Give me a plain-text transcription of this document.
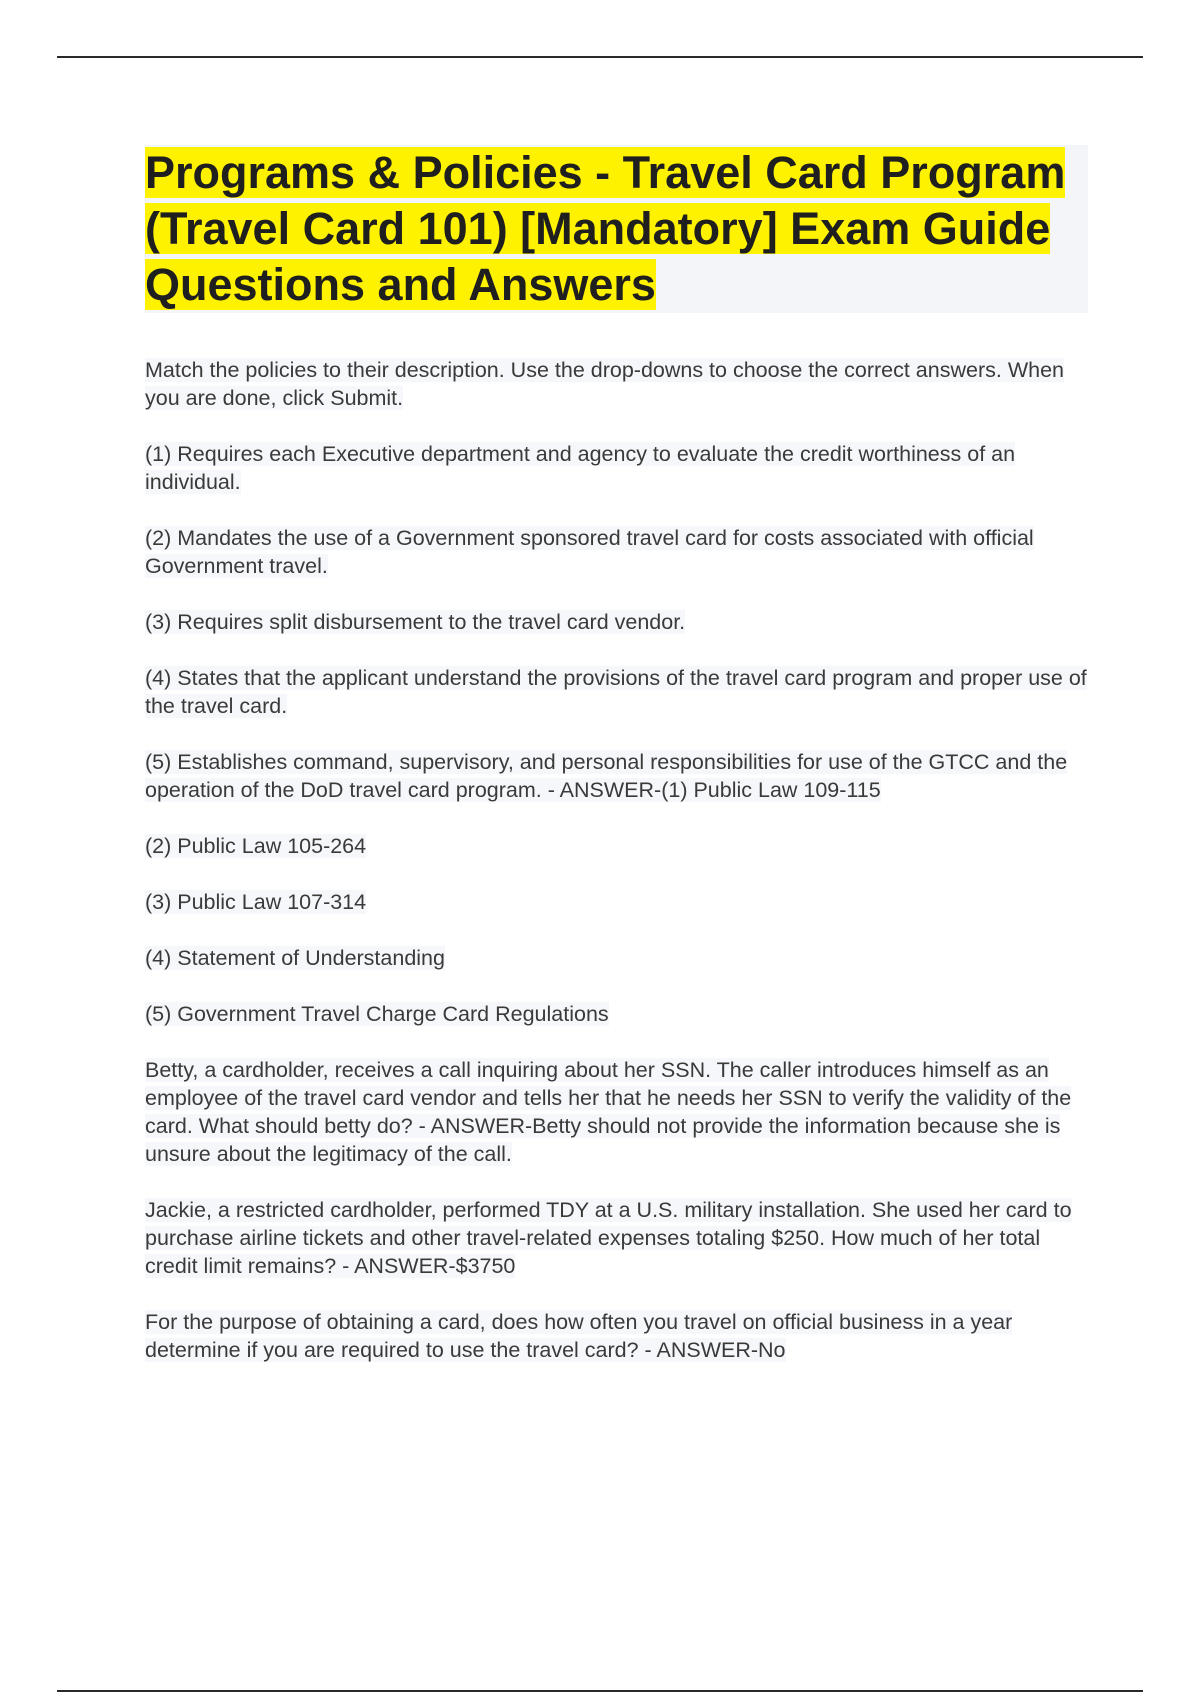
Programs & Policies - Travel Card Program (Travel Card 101) [Mandatory] Exam Guide Questions and Answers

Match the policies to their description. Use the drop-downs to choose the correct answers. When you are done, click Submit.

(1) Requires each Executive department and agency to evaluate the credit worthiness of an individual.

(2) Mandates the use of a Government sponsored travel card for costs associated with official Government travel.

(3) Requires split disbursement to the travel card vendor.

(4) States that the applicant understand the provisions of the travel card program and proper use of the travel card.

(5) Establishes command, supervisory, and personal responsibilities for use of the GTCC and the operation of the DoD travel card program. - ANSWER-(1) Public Law 109-115

(2) Public Law 105-264

(3) Public Law 107-314

(4) Statement of Understanding

(5) Government Travel Charge Card Regulations

Betty, a cardholder, receives a call inquiring about her SSN. The caller introduces himself as an employee of the travel card vendor and tells her that he needs her SSN to verify the validity of the card. What should betty do? - ANSWER-Betty should not provide the information because she is unsure about the legitimacy of the call.

Jackie, a restricted cardholder, performed TDY at a U.S. military installation. She used her card to purchase airline tickets and other travel-related expenses totaling $250. How much of her total credit limit remains? - ANSWER-$3750

For the purpose of obtaining a card, does how often you travel on official business in a year determine if you are required to use the travel card? - ANSWER-No
